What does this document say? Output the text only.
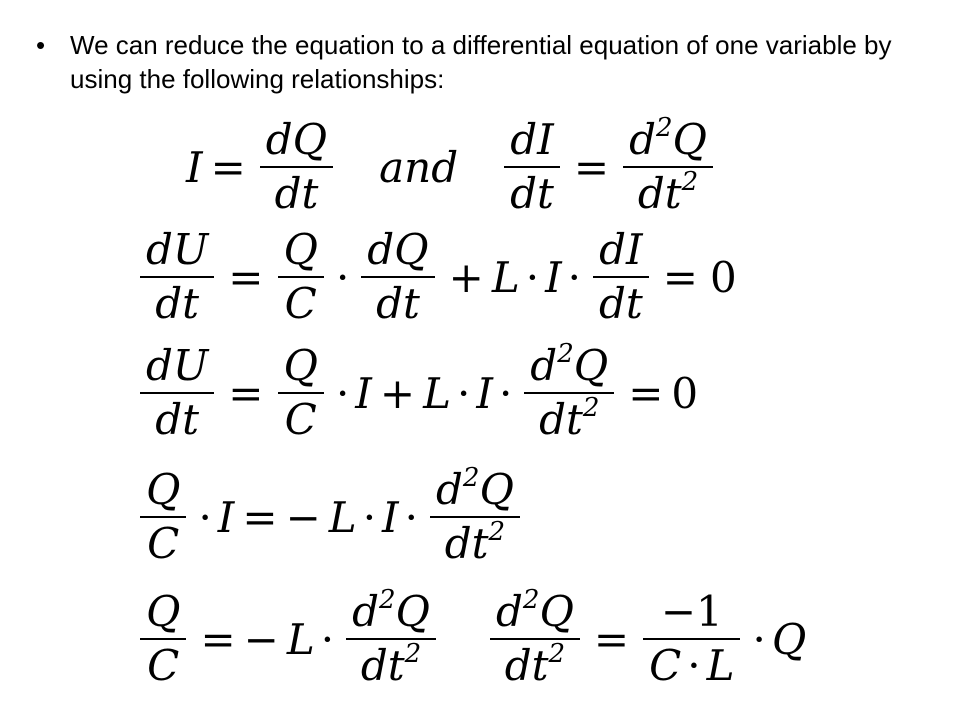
• We can reduce the equation to a differential equation of one variable by using the following relationships:
$I = \frac{dQ}{dt}$ and $\frac{dI}{dt} = \frac{d^2Q}{dt^2}$
$\frac{dU}{dt} = \frac{Q}{C} \cdot \frac{dQ}{dt} + L \cdot I \cdot \frac{dI}{dt} = 0$
$\frac{dU}{dt} = \frac{Q}{C} \cdot I + L \cdot I \cdot \frac{d^2Q}{dt^2} = 0$
$\frac{Q}{C} \cdot I$ = − $L \cdot I \cdot \frac{d^2Q}{dt^2}$
$\frac{Q}{C}$ = − $L \cdot \frac{d^2Q}{dt^2} \frac{d^2Q}{dt^2} = \frac{-1}{C \cdot L} \cdot Q$
